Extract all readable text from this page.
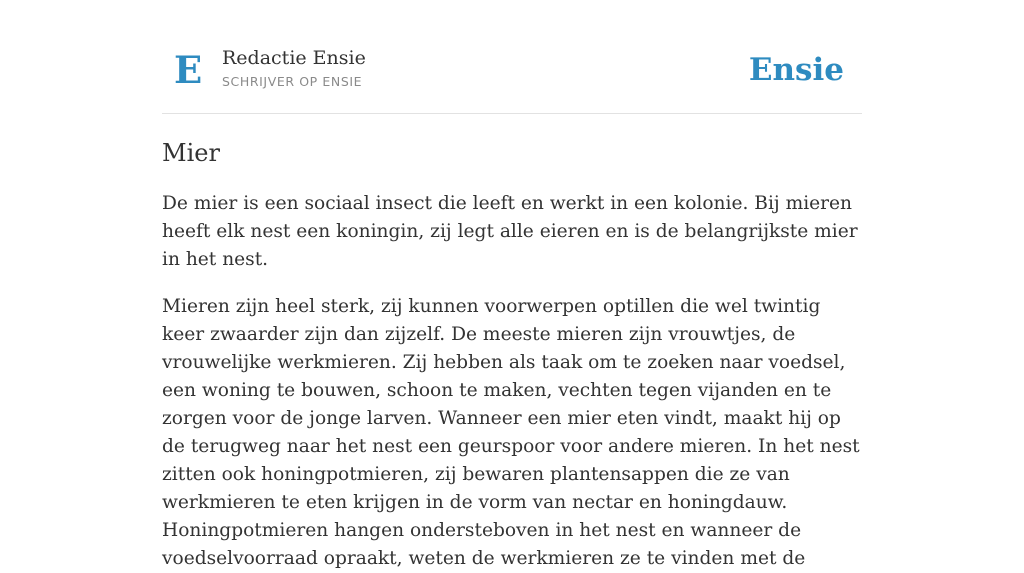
E Redactie Ensie
SCHRIJVER OP ENSIE	Ensie
Mier

De mier is een sociaal insect die leeft en werkt in een kolonie. Bij mieren heeft elk nest een koningin, zij legt alle eieren en is de belangrijkste mier in het nest.

Mieren zijn heel sterk, zij kunnen voorwerpen optillen die wel twintig keer zwaarder zijn dan zijzelf. De meeste mieren zijn vrouwtjes, de vrouwelijke werkmieren. Zij hebben als taak om te zoeken naar voedsel, een woning te bouwen, schoon te maken, vechten tegen vijanden en te zorgen voor de jonge larven. Wanneer een mier eten vindt, maakt hij op de terugweg naar het nest een geurspoor voor andere mieren. In het nest zitten ook honingpotmieren, zij bewaren plantensappen die ze van werkmieren te eten krijgen in de vorm van nectar en honingdauw. Honingpotmieren hangen ondersteboven in het nest en wanneer de voedselvoorraad opraakt, weten de werkmieren ze te vinden met de
